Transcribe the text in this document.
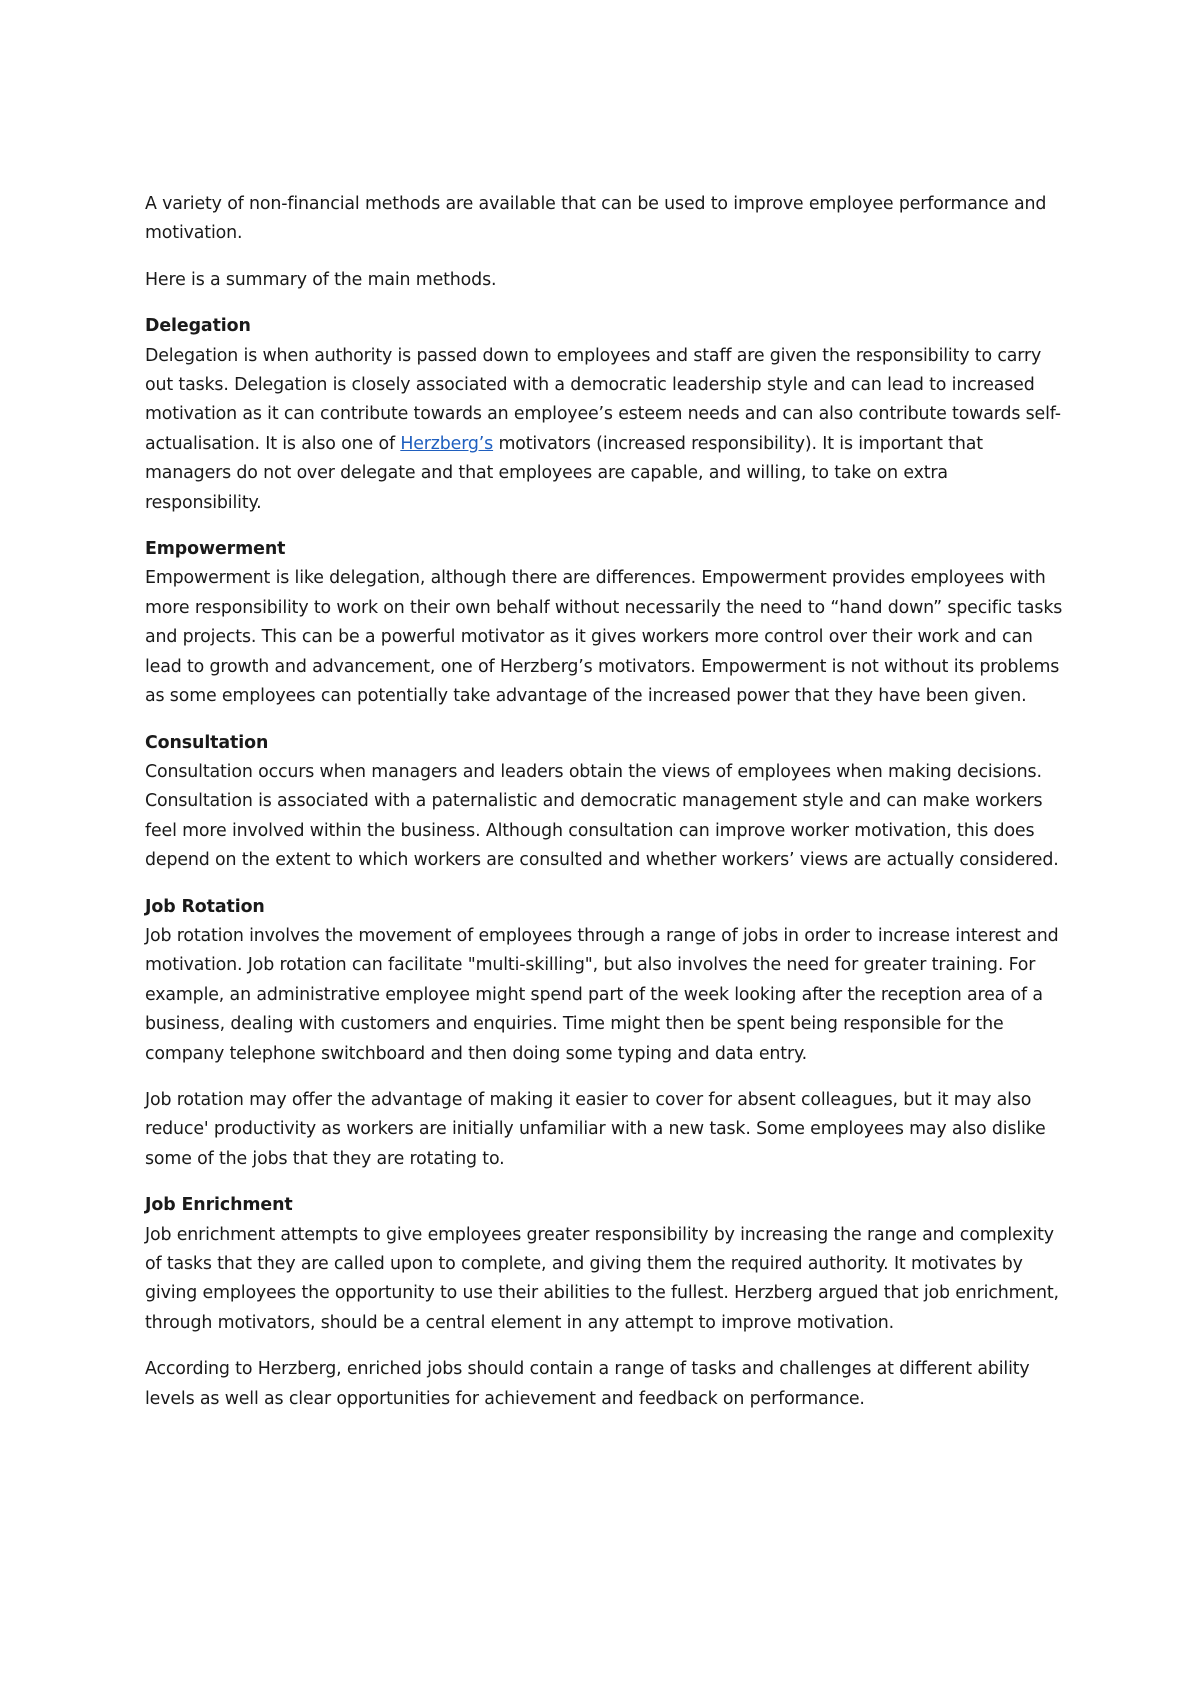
A variety of non-financial methods are available that can be used to improve employee performance and motivation.

Here is a summary of the main methods.

Delegation

Delegation is when authority is passed down to employees and staff are given the responsibility to carry out tasks. Delegation is closely associated with a democratic leadership style and can lead to increased motivation as it can contribute towards an employee’s esteem needs and can also contribute towards self-actualisation. It is also one of Herzberg’s motivators (increased responsibility). It is important that managers do not over delegate and that employees are capable, and willing, to take on extra responsibility.

Empowerment

Empowerment is like delegation, although there are differences. Empowerment provides employees with more responsibility to work on their own behalf without necessarily the need to “hand down” specific tasks and projects. This can be a powerful motivator as it gives workers more control over their work and can lead to growth and advancement, one of Herzberg’s motivators. Empowerment is not without its problems as some employees can potentially take advantage of the increased power that they have been given.

Consultation

Consultation occurs when managers and leaders obtain the views of employees when making decisions. Consultation is associated with a paternalistic and democratic management style and can make workers feel more involved within the business. Although consultation can improve worker motivation, this does depend on the extent to which workers are consulted and whether workers’ views are actually considered.

Job Rotation

Job rotation involves the movement of employees through a range of jobs in order to increase interest and motivation. Job rotation can facilitate "multi-skilling", but also involves the need for greater training. For example, an administrative employee might spend part of the week looking after the reception area of a business, dealing with customers and enquiries. Time might then be spent being responsible for the company telephone switchboard and then doing some typing and data entry.

Job rotation may offer the advantage of making it easier to cover for absent colleagues, but it may also reduce' productivity as workers are initially unfamiliar with a new task. Some employees may also dislike some of the jobs that they are rotating to.

Job Enrichment

Job enrichment attempts to give employees greater responsibility by increasing the range and complexity of tasks that they are called upon to complete, and giving them the required authority. It motivates by giving employees the opportunity to use their abilities to the fullest. Herzberg argued that job enrichment, through motivators, should be a central element in any attempt to improve motivation.

According to Herzberg, enriched jobs should contain a range of tasks and challenges at different ability levels as well as clear opportunities for achievement and feedback on performance.
